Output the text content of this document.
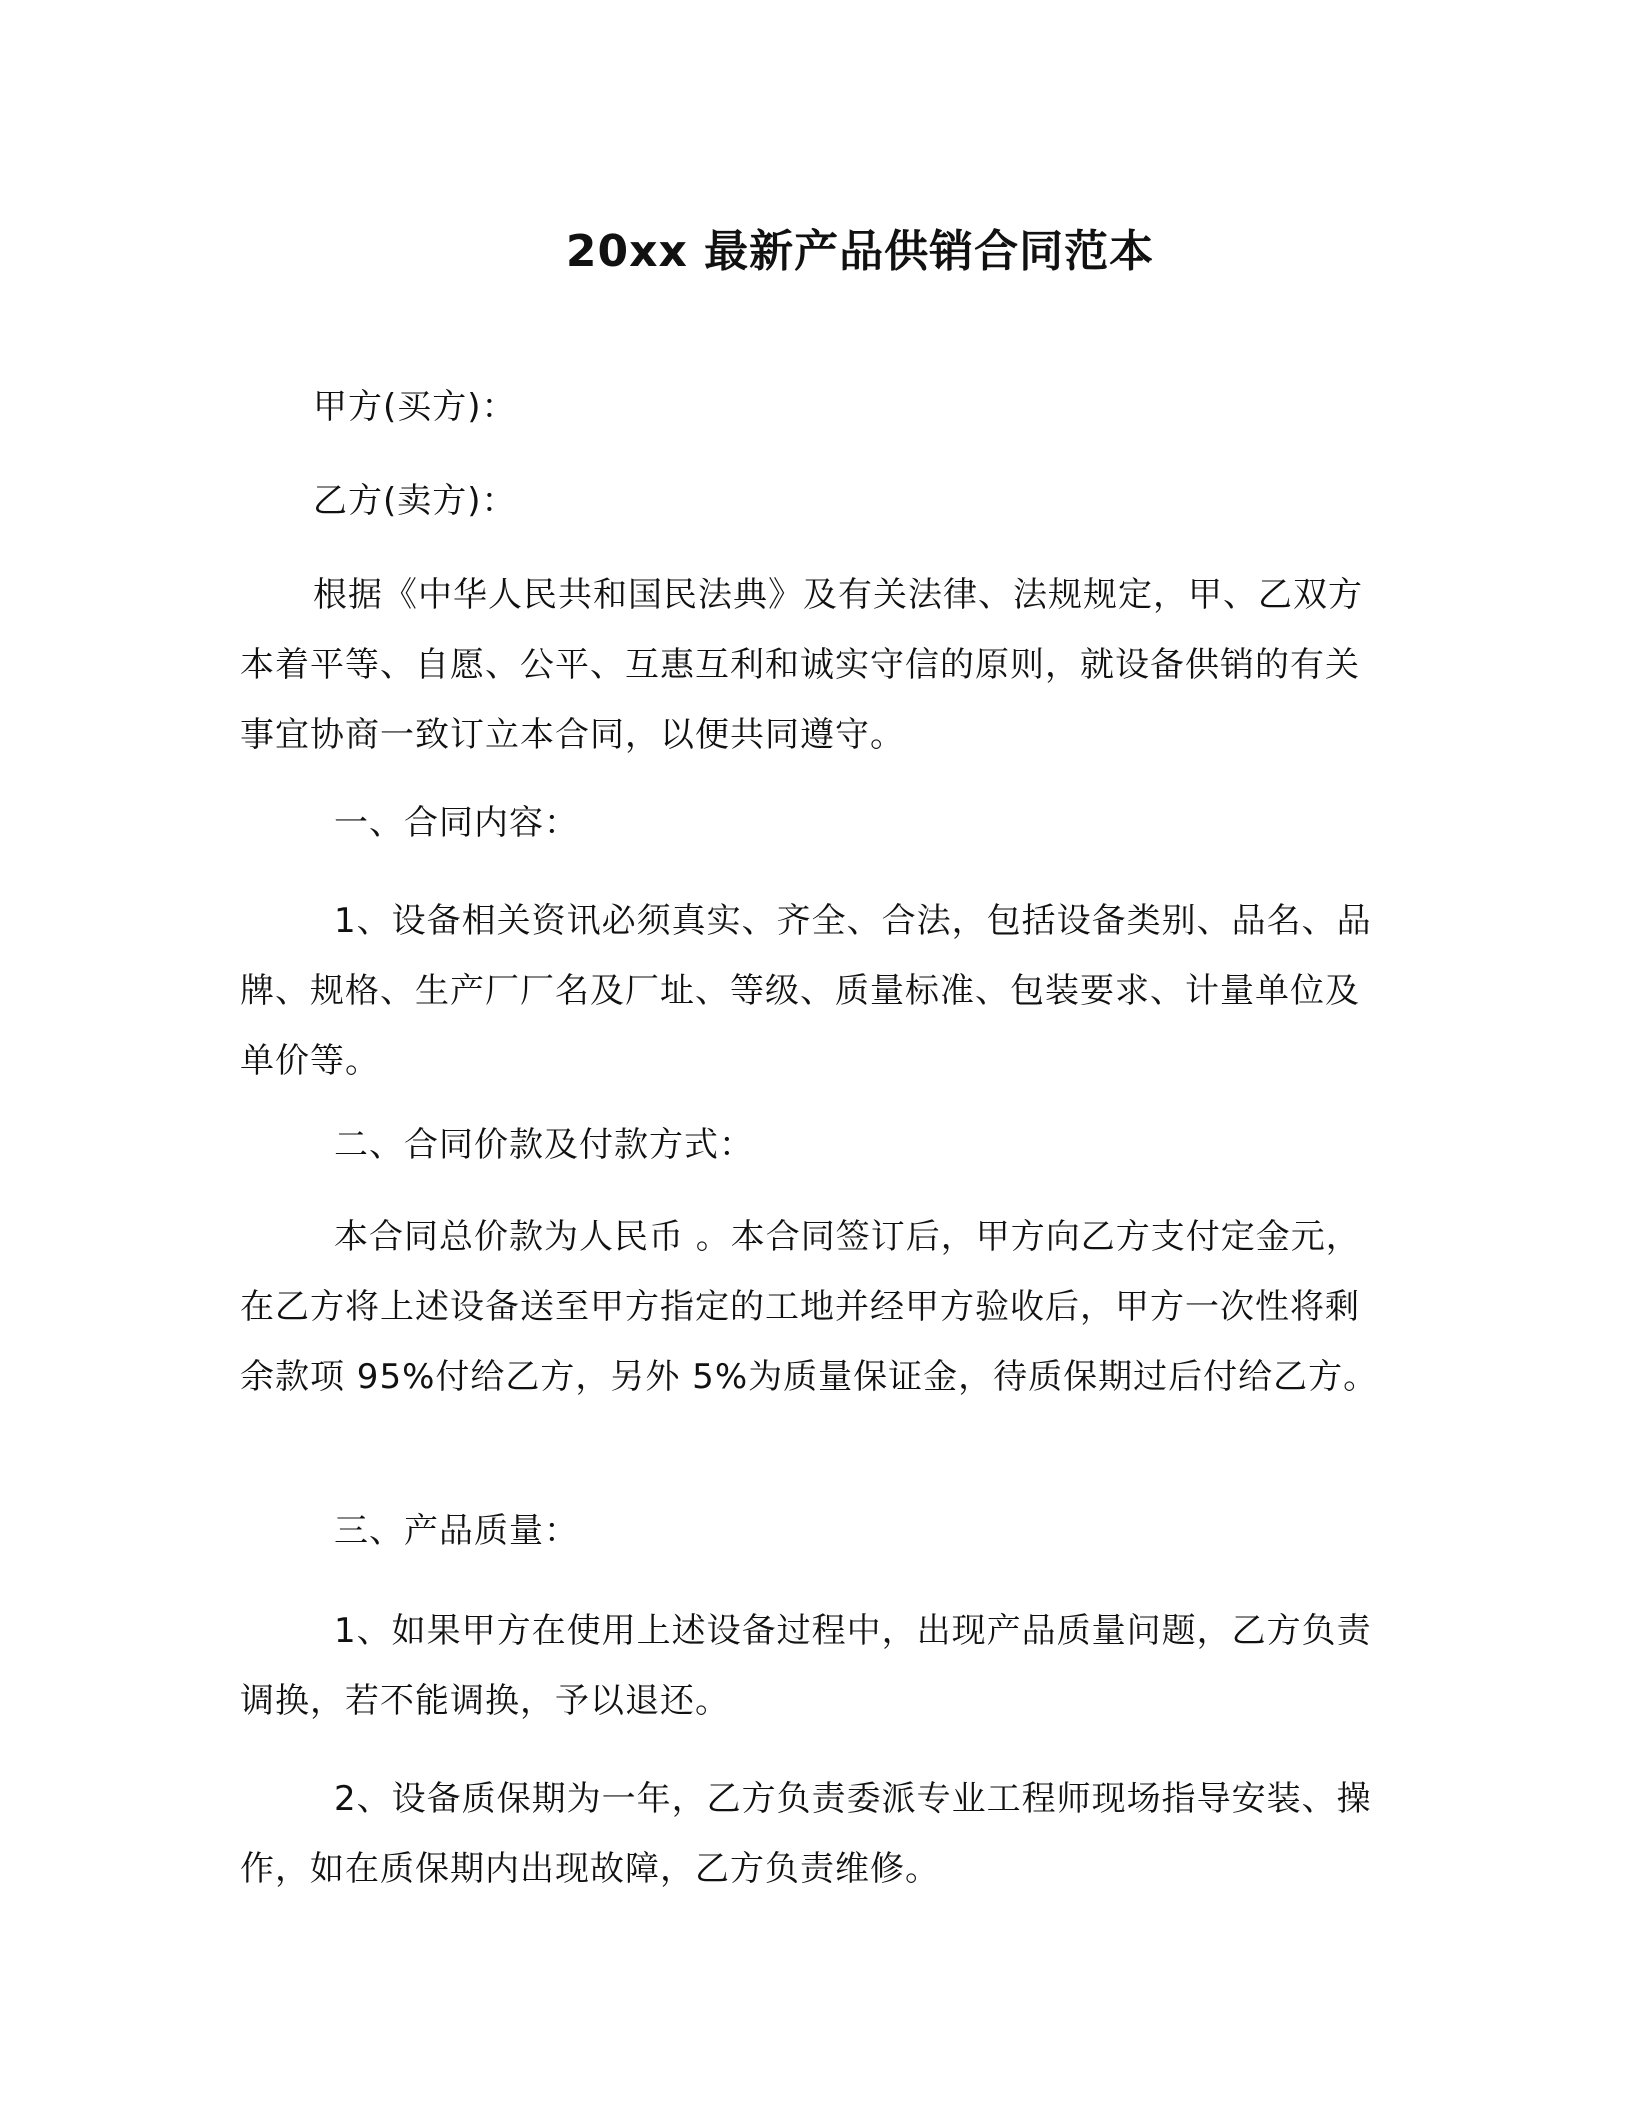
20xx 最新产品供销合同范本

甲方(买方)：

乙方(卖方)：

根据《中华人民共和国民法典》及有关法律、法规规定，甲、乙双方本着平等、自愿、公平、互惠互利和诚实守信的原则，就设备供销的有关事宜协商一致订立本合同，以便共同遵守。

一、合同内容：

1、设备相关资讯必须真实、齐全、合法，包括设备类别、品名、品牌、规格、生产厂厂名及厂址、等级、质量标准、包装要求、计量单位及单价等。

二、合同价款及付款方式：

本合同总价款为人民币 。本合同签订后，甲方向乙方支付定金元，在乙方将上述设备送至甲方指定的工地并经甲方验收后，甲方一次性将剩余款项 95%付给乙方，另外 5%为质量保证金，待质保期过后付给乙方。

三、产品质量：

1、如果甲方在使用上述设备过程中，出现产品质量问题，乙方负责调换，若不能调换，予以退还。

2、设备质保期为一年，乙方负责委派专业工程师现场指导安装、操作，如在质保期内出现故障，乙方负责维修。
